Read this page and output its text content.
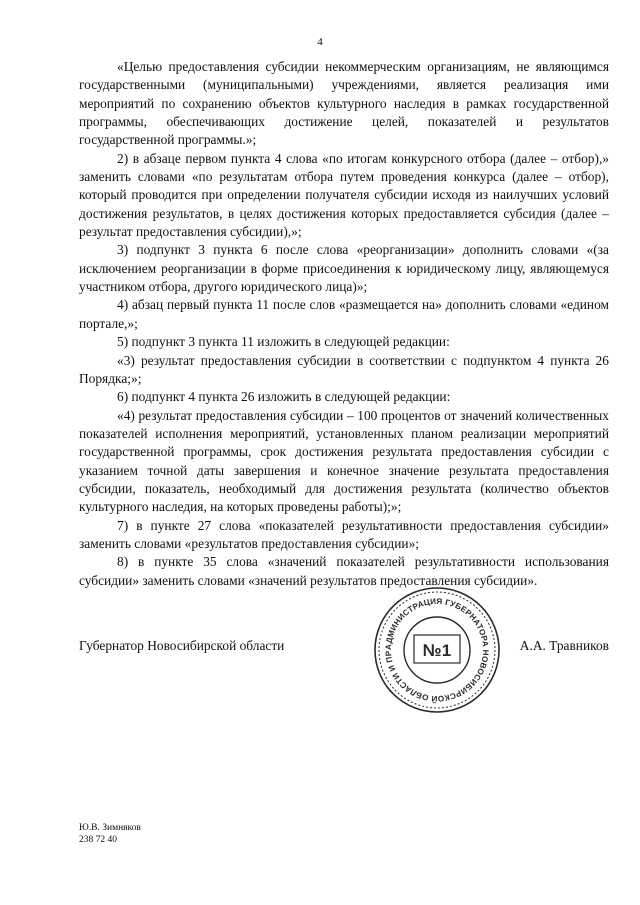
4

«Целью предоставления субсидии некоммерческим организациям, не являющимся государственными (муниципальными) учреждениями, является реализация ими мероприятий по сохранению объектов культурного наследия в рамках государственной программы, обеспечивающих достижение целей, показателей и результатов государственной программы.»;

2) в абзаце первом пункта 4 слова «по итогам конкурсного отбора (далее – отбор),» заменить словами «по результатам отбора путем проведения конкурса (далее – отбор), который проводится при определении получателя субсидии исходя из наилучших условий достижения результатов, в целях достижения которых предоставляется субсидия (далее – результат предоставления субсидии),»;

3) подпункт 3 пункта 6 после слова «реорганизации» дополнить словами «(за исключением реорганизации в форме присоединения к юридическому лицу, являющемуся участником отбора, другого юридического лица)»;

4) абзац первый пункта 11 после слов «размещается на» дополнить словами «едином портале,»;

5) подпункт 3 пункта 11 изложить в следующей редакции:

«3) результат предоставления субсидии в соответствии с подпунктом 4 пункта 26 Порядка;»;

6) подпункт 4 пункта 26 изложить в следующей редакции:

«4) результат предоставления субсидии – 100 процентов от значений количественных показателей исполнения мероприятий, установленных планом реализации мероприятий государственной программы, срок достижения результата предоставления субсидии с указанием точной даты завершения и конечное значение результата предоставления субсидии, показатель, необходимый для достижения результата (количество объектов культурного наследия, на которых проведены работы);»;

7) в пункте 27 слова «показателей результативности предоставления субсидии» заменить словами «результатов предоставления субсидии»;

8) в пункте 35 слова «значений показателей результативности использования субсидии» заменить словами «значений результатов предоставления субсидии».

Губернатор Новосибирской области	А.А. Травников
АДМИНИСТРАЦИЯ ГУБЕРНАТОРА НОВОСИБИРСКОЙ ОБЛАСТИ И ПР	№1
Ю.В. Зимняков
238 72 40
